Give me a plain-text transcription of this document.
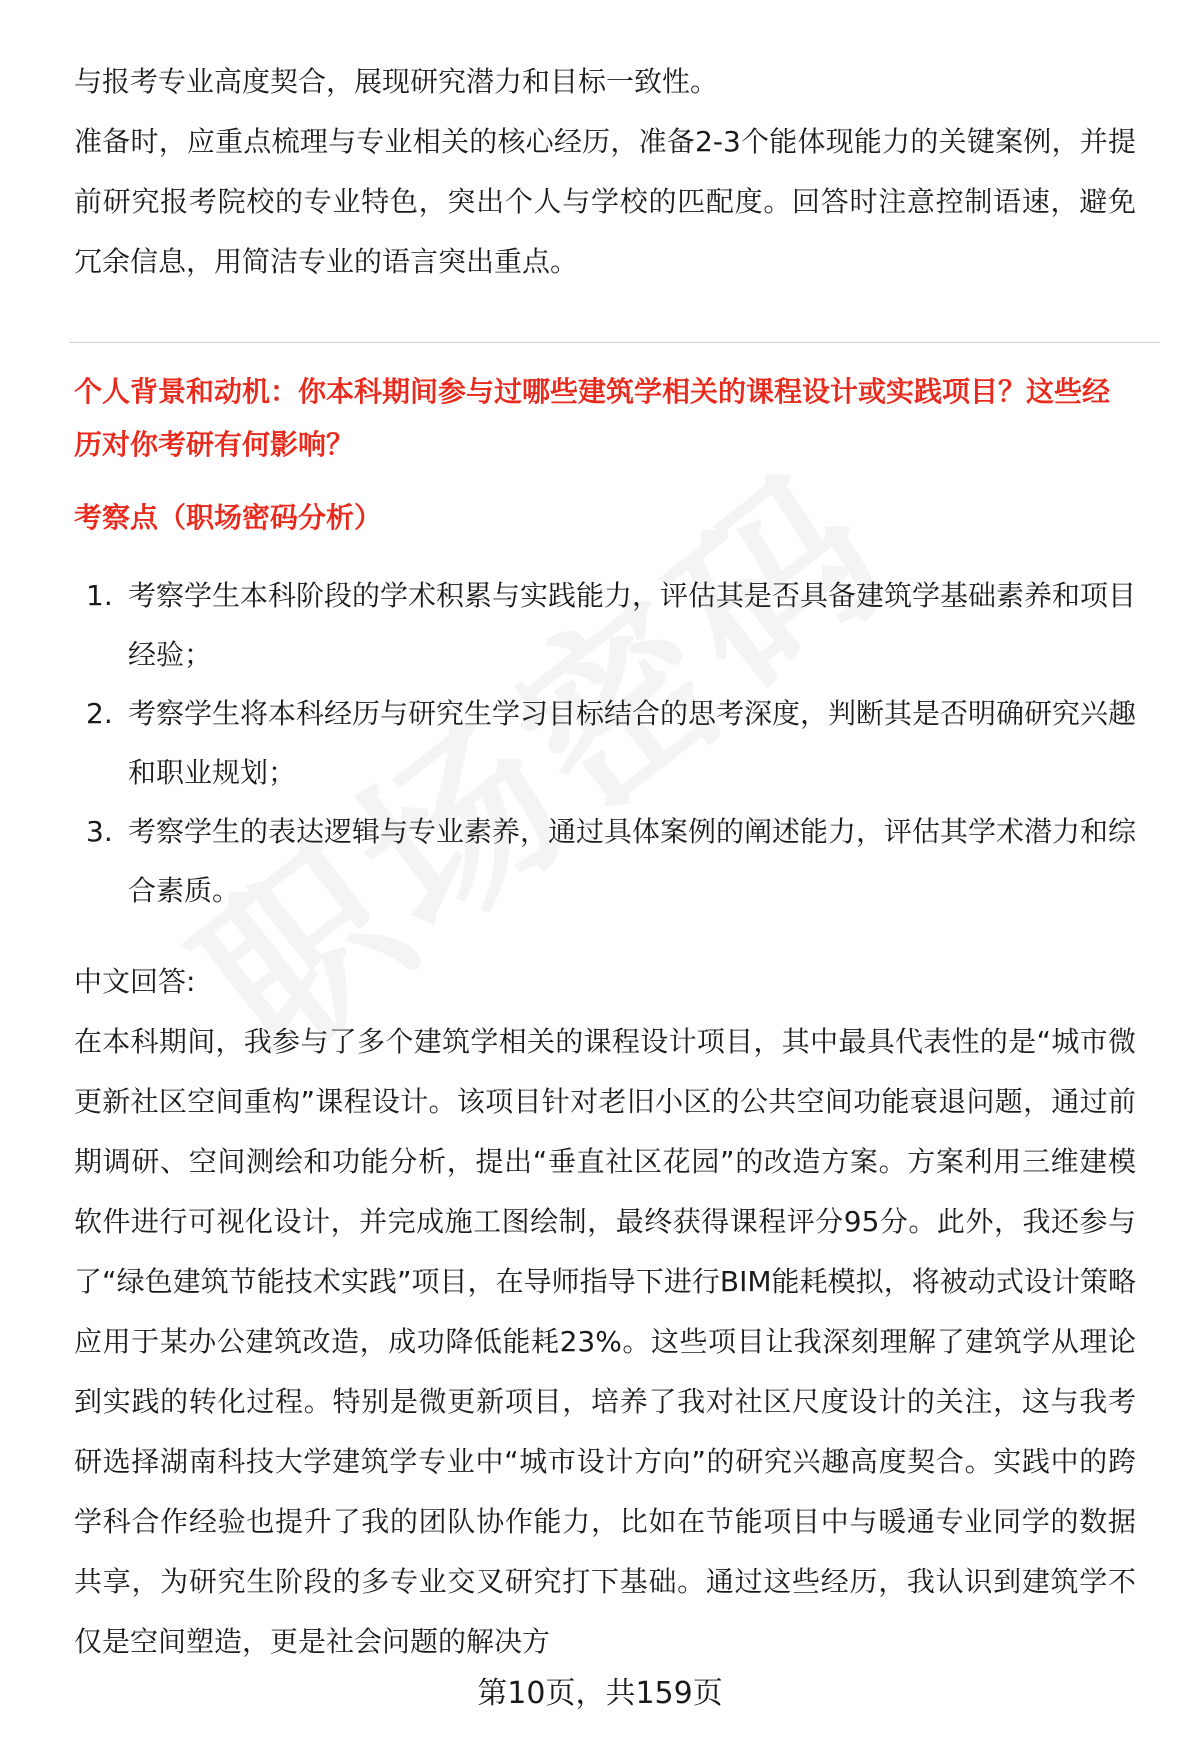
与报考专业高度契合，展现研究潜力和目标一致性。

准备时，应重点梳理与专业相关的核心经历，准备2-3个能体现能力的关键案例，并提前研究报考院校的专业特色，突出个人与学校的匹配度。回答时注意控制语速，避免冗余信息，用简洁专业的语言突出重点。

个人背景和动机：你本科期间参与过哪些建筑学相关的课程设计或实践项目？这些经历对你考研有何影响？
考察点（职场密码分析）
1. 考察学生本科阶段的学术积累与实践能力，评估其是否具备建筑学基础素养和项目经验；
2. 考察学生将本科经历与研究生学习目标结合的思考深度，判断其是否明确研究兴趣和职业规划；
3. 考察学生的表达逻辑与专业素养，通过具体案例的阐述能力，评估其学术潜力和综合素质。

中文回答:

在本科期间，我参与了多个建筑学相关的课程设计项目，其中最具代表性的是“城市微更新社区空间重构”课程设计。该项目针对老旧小区的公共空间功能衰退问题，通过前期调研、空间测绘和功能分析，提出“垂直社区花园”的改造方案。方案利用三维建模软件进行可视化设计，并完成施工图绘制，最终获得课程评分95分。此外，我还参与了“绿色建筑节能技术实践”项目，在导师指导下进行BIM能耗模拟，将被动式设计策略应用于某办公建筑改造，成功降低能耗23%。这些项目让我深刻理解了建筑学从理论到实践的转化过程。特别是微更新项目，培养了我对社区尺度设计的关注，这与我考研选择湖南科技大学建筑学专业中“城市设计方向”的研究兴趣高度契合。实践中的跨学科合作经验也提升了我的团队协作能力，比如在节能项目中与暖通专业同学的数据共享，为研究生阶段的多专业交叉研究打下基础。通过这些经历，我认识到建筑学不仅是空间塑造，更是社会问题的解决方

第10页，共159页
